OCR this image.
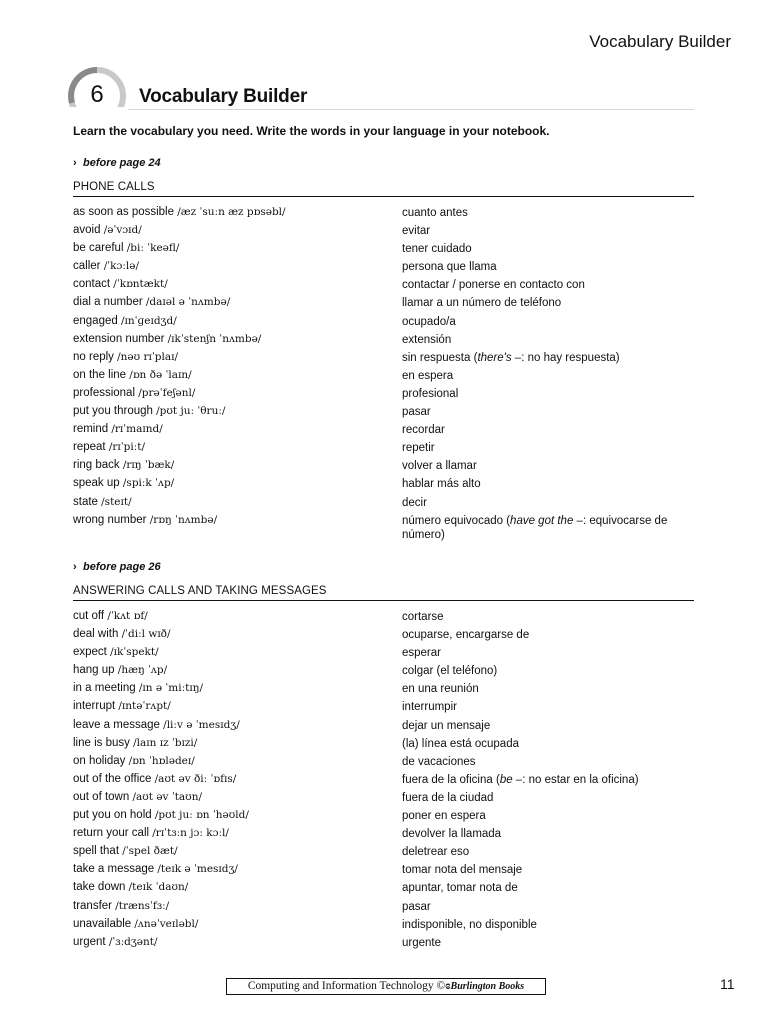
Vocabulary Builder
6	Vocabulary Builder
Learn the vocabulary you need. Write the words in your language in your notebook.
› before page 24
PHONE CALLS
as soon as possible /æz ˈsuːn æz pɒsəbl/	cuanto antes
avoid /əˈvɔɪd/	evitar
be careful /biː ˈkeəfl/	tener cuidado
caller /ˈkɔːlə/	persona que llama
contact /ˈkɒntækt/	contactar / ponerse en contacto con
dial a number /daɪəl ə ˈnʌmbə/	llamar a un número de teléfono
engaged /ɪnˈɡeɪdʒd/	ocupado/a
extension number /ɪkˈstenʃn ˈnʌmbə/	extensión
no reply /nəʊ rɪˈplaɪ/	sin respuesta (there's –: no hay respuesta)
on the line /ɒn ðə ˈlaɪn/	en espera
professional /prəˈfeʃənl/	profesional
put you through /pʊt juː ˈθruː/	pasar
remind /rɪˈmaɪnd/	recordar
repeat /rɪˈpiːt/	repetir
ring back /rɪŋ ˈbæk/	volver a llamar
speak up /spiːk ˈʌp/	hablar más alto
state /steɪt/	decir
wrong number /rɒŋ ˈnʌmbə/	número equivocado (have got the –: equivocarse de número)
› before page 26
ANSWERING CALLS AND TAKING MESSAGES
cut off /ˈkʌt ɒf/	cortarse
deal with /ˈdiːl wɪð/	ocuparse, encargarse de
expect /ɪkˈspekt/	esperar
hang up /hæŋ ˈʌp/	colgar (el teléfono)
in a meeting /ɪn ə ˈmiːtɪŋ/	en una reunión
interrupt /ɪntəˈrʌpt/	interrumpir
leave a message /liːv ə ˈmesɪdʒ/	dejar un mensaje
line is busy /laɪn ɪz ˈbɪzi/	(la) línea está ocupada
on holiday /ɒn ˈhɒlədeɪ/	de vacaciones
out of the office /aʊt əv ðiː ˈɒfɪs/	fuera de la oficina (be –: no estar en la oficina)
out of town /aʊt əv ˈtaʊn/	fuera de la ciudad
put you on hold /pʊt juː ɒn ˈhəʊld/	poner en espera
return your call /rɪˈtɜːn jɔː kɔːl/	devolver la llamada
spell that /ˈspel ðæt/	deletrear eso
take a message /teɪk ə ˈmesɪdʒ/	tomar nota del mensaje
take down /teɪk ˈdaʊn/	apuntar, tomar nota de
transfer /trænsˈfɜː/	pasar
unavailable /ʌnəˈveɪləbl/	indisponible, no disponible
urgent /ˈɜːdʒənt/	urgente
Computing and Information Technology ©ɞBurlington Books	11
